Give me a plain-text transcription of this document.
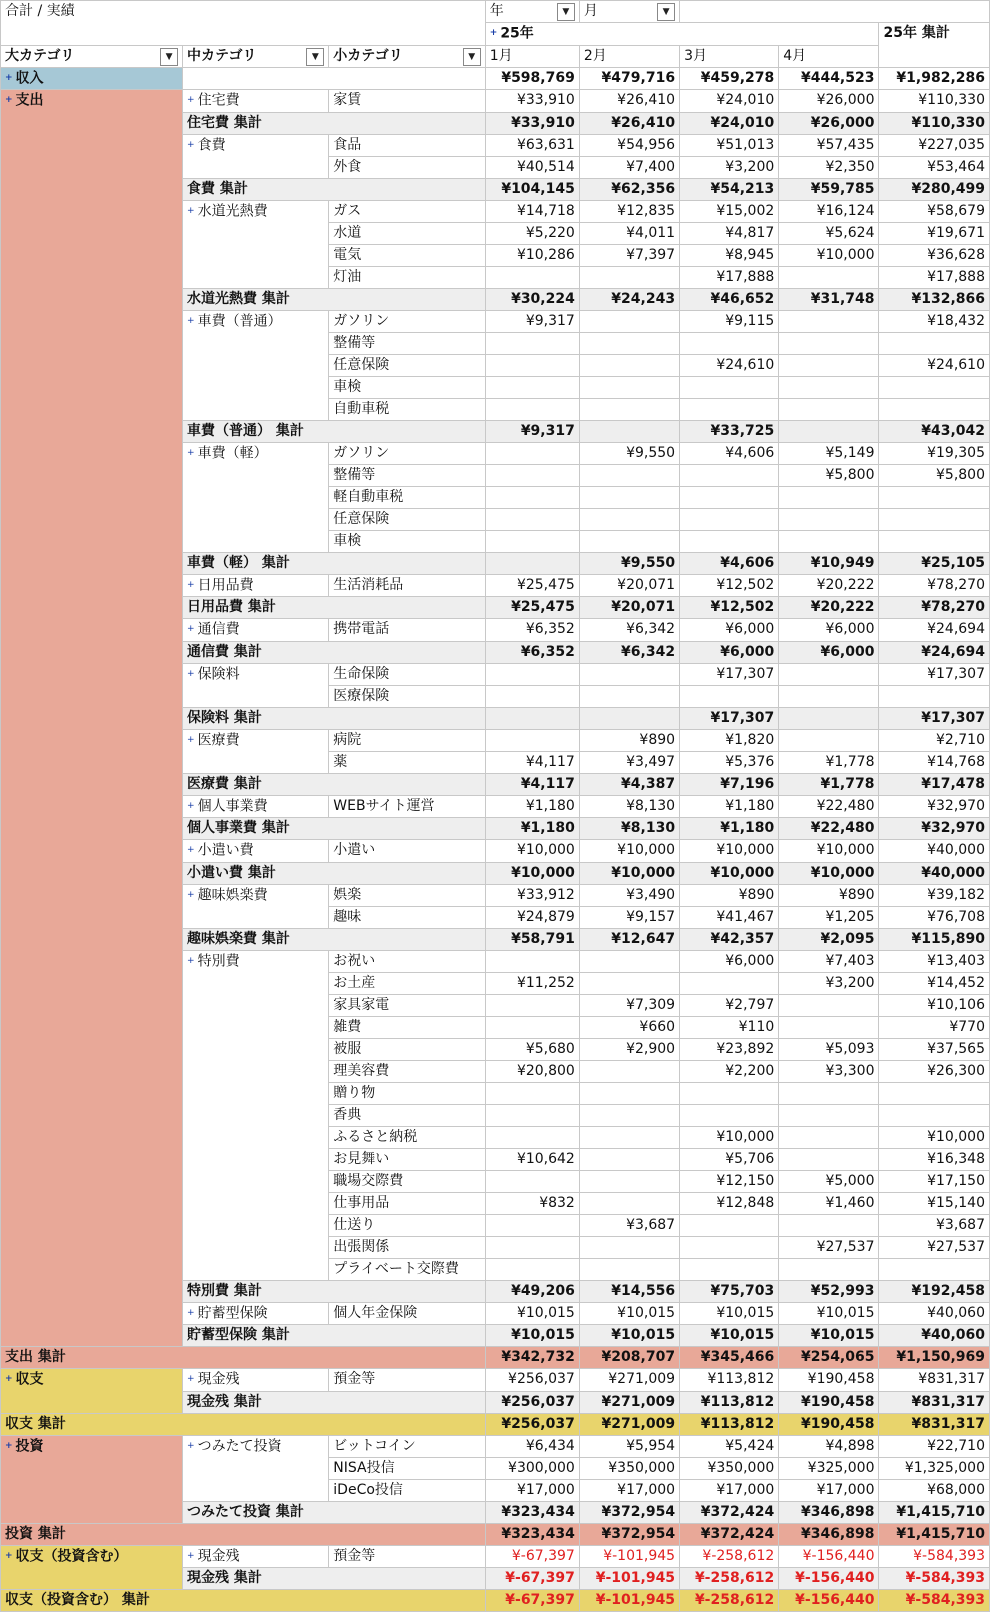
合計 / 実績			年 ▼	月 ▼			

			+ 25年				25年 集計
大カテゴリ ▼	中カテゴリ ▼	小カテゴリ ▼	1月	2月	3月	4月	
+ 収入			¥598,769	¥479,716	¥459,278	¥444,523	¥1,982,286
+ 支出	+ 住宅費	家賃	¥33,910	¥26,410	¥24,010	¥26,000	¥110,330
	住宅費 集計		¥33,910	¥26,410	¥24,010	¥26,000	¥110,330
	+ 食費	食品	¥63,631	¥54,956	¥51,013	¥57,435	¥227,035
		外食	¥40,514	¥7,400	¥3,200	¥2,350	¥53,464
	食費 集計		¥104,145	¥62,356	¥54,213	¥59,785	¥280,499
	+ 水道光熱費	ガス	¥14,718	¥12,835	¥15,002	¥16,124	¥58,679
		水道	¥5,220	¥4,011	¥4,817	¥5,624	¥19,671
		電気	¥10,286	¥7,397	¥8,945	¥10,000	¥36,628
		灯油			¥17,888		¥17,888
	水道光熱費 集計		¥30,224	¥24,243	¥46,652	¥31,748	¥132,866
	+ 車費（普通）	ガソリン	¥9,317		¥9,115		¥18,432
		整備等					
		任意保険			¥24,610		¥24,610
		車検					
		自動車税					
	車費（普通） 集計		¥9,317		¥33,725		¥43,042
	+ 車費（軽）	ガソリン		¥9,550	¥4,606	¥5,149	¥19,305
		整備等				¥5,800	¥5,800
		軽自動車税					
		任意保険					
		車検					
	車費（軽） 集計			¥9,550	¥4,606	¥10,949	¥25,105
	+ 日用品費	生活消耗品	¥25,475	¥20,071	¥12,502	¥20,222	¥78,270
	日用品費 集計		¥25,475	¥20,071	¥12,502	¥20,222	¥78,270
	+ 通信費	携帯電話	¥6,352	¥6,342	¥6,000	¥6,000	¥24,694
	通信費 集計		¥6,352	¥6,342	¥6,000	¥6,000	¥24,694
	+ 保険料	生命保険			¥17,307		¥17,307
		医療保険					
	保険料 集計				¥17,307		¥17,307
	+ 医療費	病院		¥890	¥1,820		¥2,710
		薬	¥4,117	¥3,497	¥5,376	¥1,778	¥14,768
	医療費 集計		¥4,117	¥4,387	¥7,196	¥1,778	¥17,478
	+ 個人事業費	WEBサイト運営	¥1,180	¥8,130	¥1,180	¥22,480	¥32,970
	個人事業費 集計		¥1,180	¥8,130	¥1,180	¥22,480	¥32,970
	+ 小遣い費	小遣い	¥10,000	¥10,000	¥10,000	¥10,000	¥40,000
	小遣い費 集計		¥10,000	¥10,000	¥10,000	¥10,000	¥40,000
	+ 趣味娯楽費	娯楽	¥33,912	¥3,490	¥890	¥890	¥39,182
		趣味	¥24,879	¥9,157	¥41,467	¥1,205	¥76,708
	趣味娯楽費 集計		¥58,791	¥12,647	¥42,357	¥2,095	¥115,890
	+ 特別費	お祝い			¥6,000	¥7,403	¥13,403
		お土産	¥11,252			¥3,200	¥14,452
		家具家電		¥7,309	¥2,797		¥10,106
		雑費		¥660	¥110		¥770
		被服	¥5,680	¥2,900	¥23,892	¥5,093	¥37,565
		理美容費	¥20,800		¥2,200	¥3,300	¥26,300
		贈り物					
		香典					
		ふるさと納税			¥10,000		¥10,000
		お見舞い	¥10,642		¥5,706		¥16,348
		職場交際費			¥12,150	¥5,000	¥17,150
		仕事用品	¥832		¥12,848	¥1,460	¥15,140
		仕送り		¥3,687			¥3,687
		出張関係				¥27,537	¥27,537
		プライベート交際費					
	特別費 集計		¥49,206	¥14,556	¥75,703	¥52,993	¥192,458
	+ 貯蓄型保険	個人年金保険	¥10,015	¥10,015	¥10,015	¥10,015	¥40,060
	貯蓄型保険 集計		¥10,015	¥10,015	¥10,015	¥10,015	¥40,060
支出 集計			¥342,732	¥208,707	¥345,466	¥254,065	¥1,150,969
+ 収支	+ 現金残	預金等	¥256,037	¥271,009	¥113,812	¥190,458	¥831,317
	現金残 集計		¥256,037	¥271,009	¥113,812	¥190,458	¥831,317
収支 集計			¥256,037	¥271,009	¥113,812	¥190,458	¥831,317
+ 投資	+ つみたて投資	ビットコイン	¥6,434	¥5,954	¥5,424	¥4,898	¥22,710
		NISA投信	¥300,000	¥350,000	¥350,000	¥325,000	¥1,325,000
		iDeCo投信	¥17,000	¥17,000	¥17,000	¥17,000	¥68,000
	つみたて投資 集計		¥323,434	¥372,954	¥372,424	¥346,898	¥1,415,710
投資 集計			¥323,434	¥372,954	¥372,424	¥346,898	¥1,415,710
+ 収支（投資含む）	+ 現金残	預金等	¥-67,397	¥-101,945	¥-258,612	¥-156,440	¥-584,393
	現金残 集計		¥-67,397	¥-101,945	¥-258,612	¥-156,440	¥-584,393
収支（投資含む） 集計			¥-67,397	¥-101,945	¥-258,612	¥-156,440	¥-584,393
